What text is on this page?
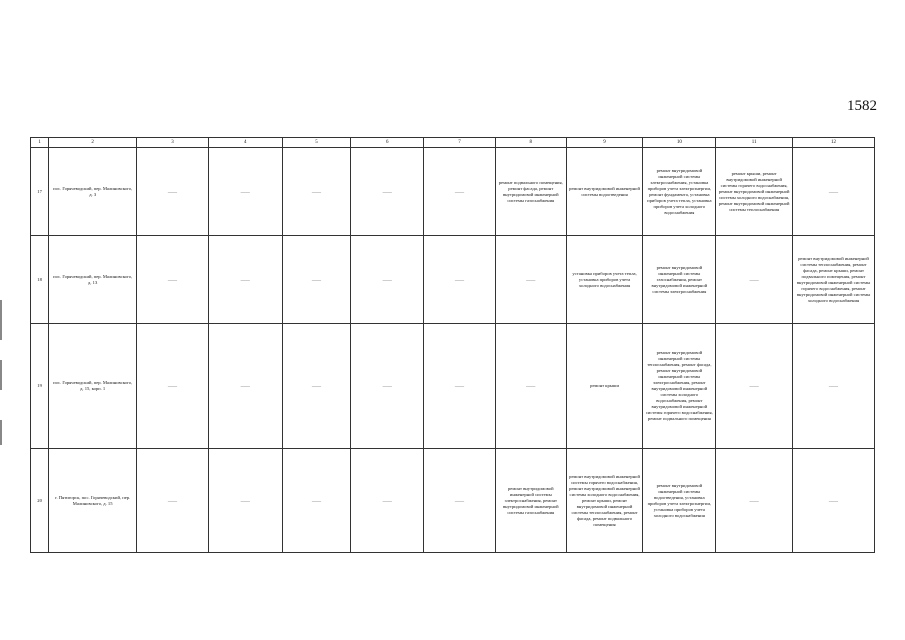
1582
1	2	3	4	5	6	7	8	9	10	11	12
17	пос. Горячеводский, пер. Малиновского, д. 3	——	——	——	——	——	ремонт подвального помещения, ремонт фасада, ремонт внутридомовой инженерной системы газоснабжения	ремонт внутридомовой инженерной системы водоотведения	ремонт внутридомовой инженерной системы электроснабжения, установка приборов учета электроэнергии, ремонт фундамента, установка приборов учета тепла, установка приборов учета холодного водоснабжения	ремонт крыши, ремонт внутридомовой инженерной системы горячего водоснабжения, ремонт внутридомовой инженерной системы холодного водоснабжения, ремонт внутридомовой инженерной системы теплоснабжения	——
18	пос. Горячеводский, пер. Малиновского, д. 13	——	——	——	——	——	——	установка приборов учета тепла, установка приборов учета холодного водоснабжения	ремонт внутридомовой инженерной системы газоснабжения, ремонт внутридомовой инженерной системы электроснабжения	——	ремонт внутридомовой инженерной системы теплоснабжения, ремонт фасада, ремонт крыши, ремонт подвального помещения, ремонт внутридомовой инженерной системы горячего водоснабжения, ремонт внутридомовой инженерной системы холодного водоснабжения
19	пос. Горячеводский, пер. Малиновского, д. 15, корп. 1	——	——	——	——	——	——	ремонт крыши	ремонт внутридомовой инженерной системы теплоснабжения, ремонт фасада, ремонт внутридомовой инженерной системы электроснабжения, ремонт внутридомовой инженерной системы холодного водоснабжения, ремонт внутридомовой инженерной системы горячего водоснабжения, ремонт подвального помещения	——	——
20	г. Пятигорск, пос. Горячеводский, пер. Малиновского, д. 15	——	——	——	——	——	ремонт внутридомовой инженерной системы электроснабжения, ремонт внутридомовой инженерной системы газоснабжения	ремонт внутридомовой инженерной системы горячего водоснабжения, ремонт внутридомовой инженерной системы холодного водоснабжения, ремонт крыши, ремонт внутридомовой инженерной системы теплоснабжения, ремонт фасада, ремонт подвального помещения	ремонт внутридомовой инженерной системы водоотведения, установка приборов учета электроэнергии, установка приборов учета холодного водоснабжения	——	——
